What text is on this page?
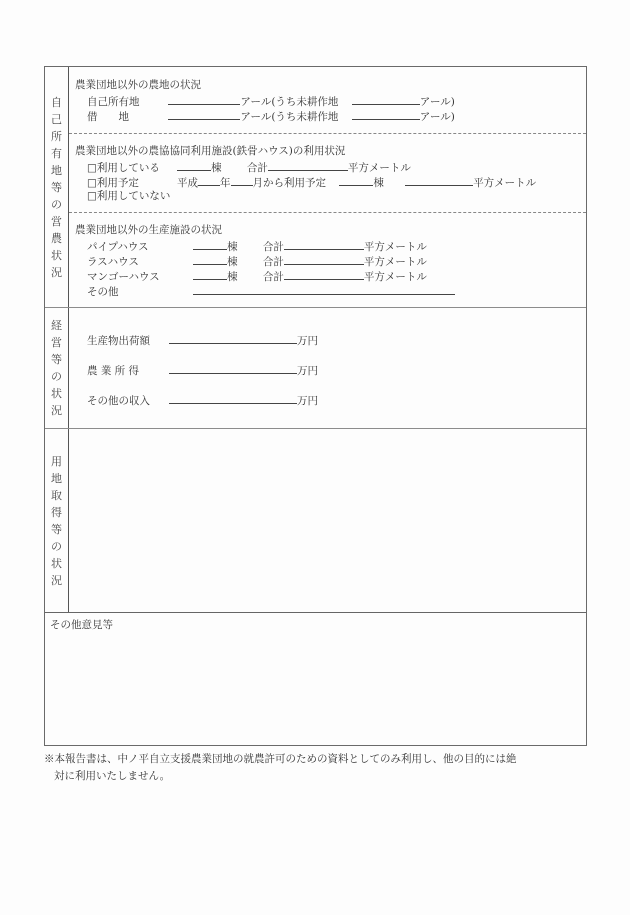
自
己
所
有
地
等
の
営
農
状
況
農業団地以外の農地の状況
自己所有地	アール(うち未耕作地	アール)
借　　地	アール(うち未耕作地	アール)
農業団地以外の農協協同利用施設(鉄骨ハウス)の利用状況
□利用している	棟 合計	平方メートル
□利用予定	平成 年 月から利用予定	棟	平方メートル
□利用していない
農業団地以外の生産施設の状況
パイプハウス	棟 合計	平方メートル
ラスハウス	棟 合計	平方メートル
マンゴーハウス	棟 合計	平方メートル
その他
経
営
等
の
状
況
生産物出荷額	万円
農 業 所 得	万円
その他の収入	万円
用
地
取
得
等
の
状
況
その他意見等
※本報告書は、中ノ平自立支援農業団地の就農許可のための資料としてのみ利用し、他の目的には絶
対に利用いたしません。
